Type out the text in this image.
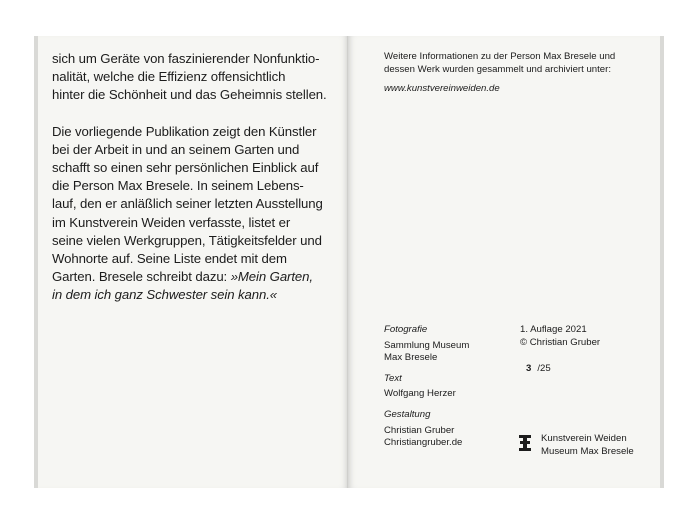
sich um Geräte von faszinierender Nonfunktio-
nalität, welche die Effizienz offensichtlich
hinter die Schönheit und das Geheimnis stellen.

Die vorliegende Publikation zeigt den Künstler
bei der Arbeit in und an seinem Garten und
schafft so einen sehr persönlichen Einblick auf
die Person Max Bresele. In seinem Lebens-
lauf, den er anläßlich seiner letzten Ausstellung
im Kunstverein Weiden verfasste, listet er
seine vielen Werkgruppen, Tätigkeitsfelder und
Wohnorte auf. Seine Liste endet mit dem
Garten. Bresele schreibt dazu: »Mein Garten,
in dem ich ganz Schwester sein kann.«

Weitere Informationen zu der Person Max Bresele und
dessen Werk wurden gesammelt und archiviert unter:
www.kunstvereinweiden.de
Fotografie
Sammlung Museum
Max Bresele
Text
Wolfgang Herzer
Gestaltung
Christian Gruber
Christiangruber.de
1. Auflage 2021
© Christian Gruber
3 /25
Kunstverein Weiden
Museum Max Bresele
